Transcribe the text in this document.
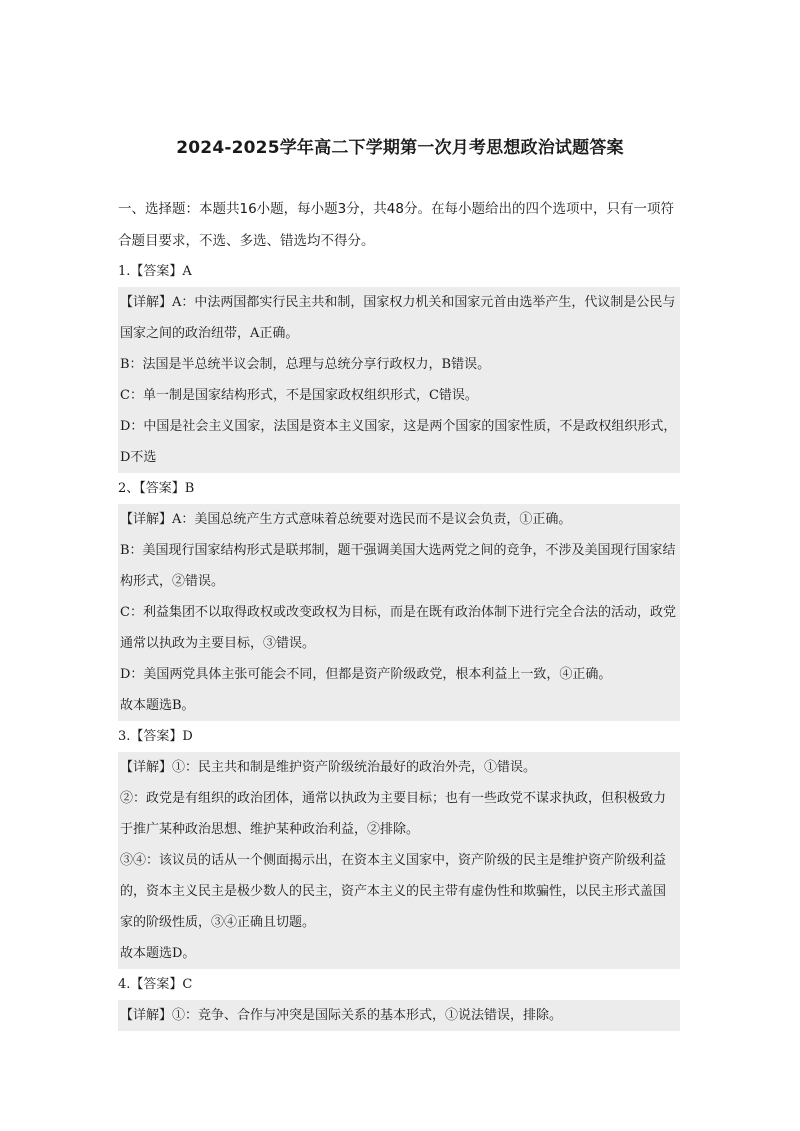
2024-2025学年高二下学期第一次月考思想政治试题答案
一、选择题：本题共16小题，每小题3分，共48分。在每小题给出的四个选项中，只有一项符合题目要求，不选、多选、错选均不得分。
1.【答案】A

【详解】A：中法两国都实行民主共和制，国家权力机关和国家元首由选举产生，代议制是公民与国家之间的政治纽带，A正确。

B：法国是半总统半议会制，总理与总统分享行政权力，B错误。

C：单一制是国家结构形式，不是国家政权组织形式，C错误。

D：中国是社会主义国家，法国是资本主义国家，这是两个国家的国家性质，不是政权组织形式，D不选

2、【答案】B

【详解】A：美国总统产生方式意味着总统要对选民而不是议会负责，①正确。

B：美国现行国家结构形式是联邦制，题干强调美国大选两党之间的竞争，不涉及美国现行国家结构形式，②错误。

C：利益集团不以取得政权或改变政权为目标，而是在既有政治体制下进行完全合法的活动，政党通常以执政为主要目标，③错误。

D：美国两党具体主张可能会不同，但都是资产阶级政党，根本利益上一致，④正确。

故本题选B。

3.【答案】D

【详解】①：民主共和制是维护资产阶级统治最好的政治外壳，①错误。

②：政党是有组织的政治团体，通常以执政为主要目标；也有一些政党不谋求执政，但积极致力于推广某种政治思想、维护某种政治利益，②排除。

③④：该议员的话从一个侧面揭示出，在资本主义国家中，资产阶级的民主是维护资产阶级利益的，资本主义民主是极少数人的民主，资产本主义的民主带有虚伪性和欺骗性，以民主形式盖国家的阶级性质，③④正确且切题。

故本题选D。

4.【答案】C

【详解】①：竞争、合作与冲突是国际关系的基本形式，①说法错误，排除。
